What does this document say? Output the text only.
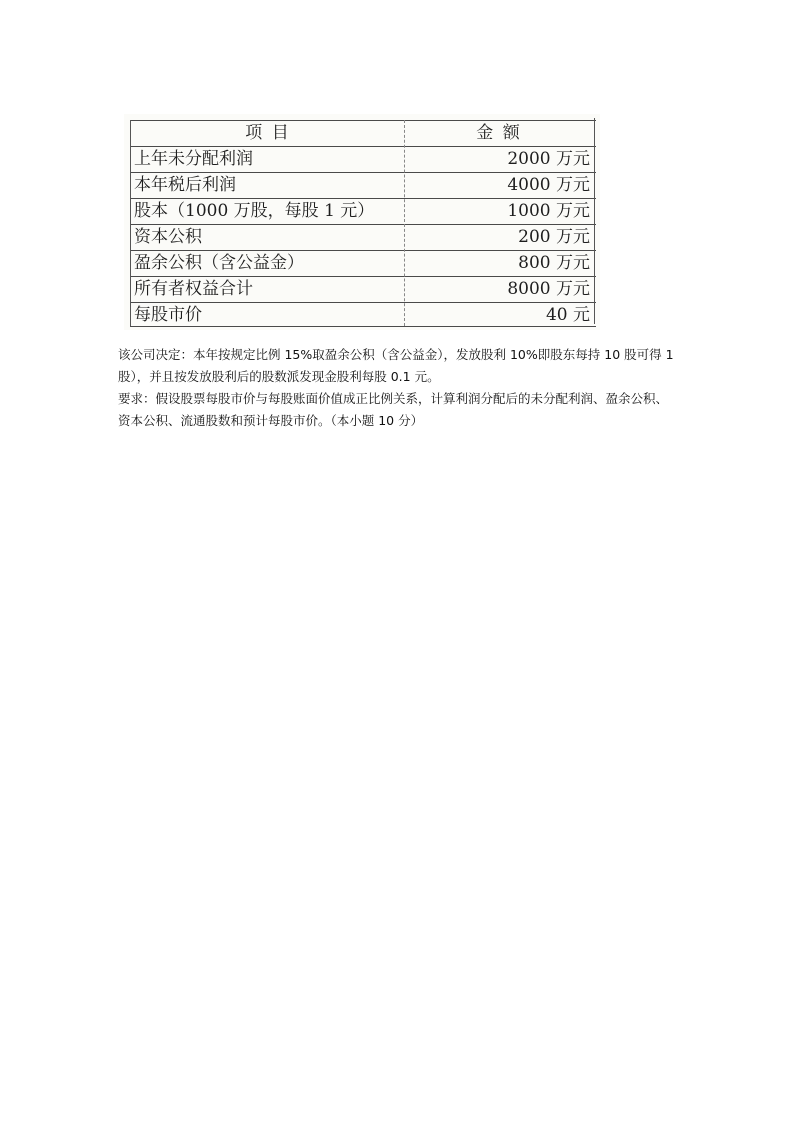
项 目	金 额
上年未分配利润	2000 万元
本年税后利润	4000 万元
股本（1000 万股，每股 1 元）	1000 万元
资本公积	200 万元
盈余公积（含公益金）	800 万元
所有者权益合计	8000 万元
每股市价	40 元
该公司决定：本年按规定比例 15%取盈余公积（含公益金），发放股利 10%即股东每持 10 股可得 1 股），并且按发放股利后的股数派发现金股利每股 0.1 元。
要求：假设股票每股市价与每股账面价值成正比例关系，计算利润分配后的未分配利润、盈余公积、资本公积、流通股数和预计每股市价。（本小题 10 分）
